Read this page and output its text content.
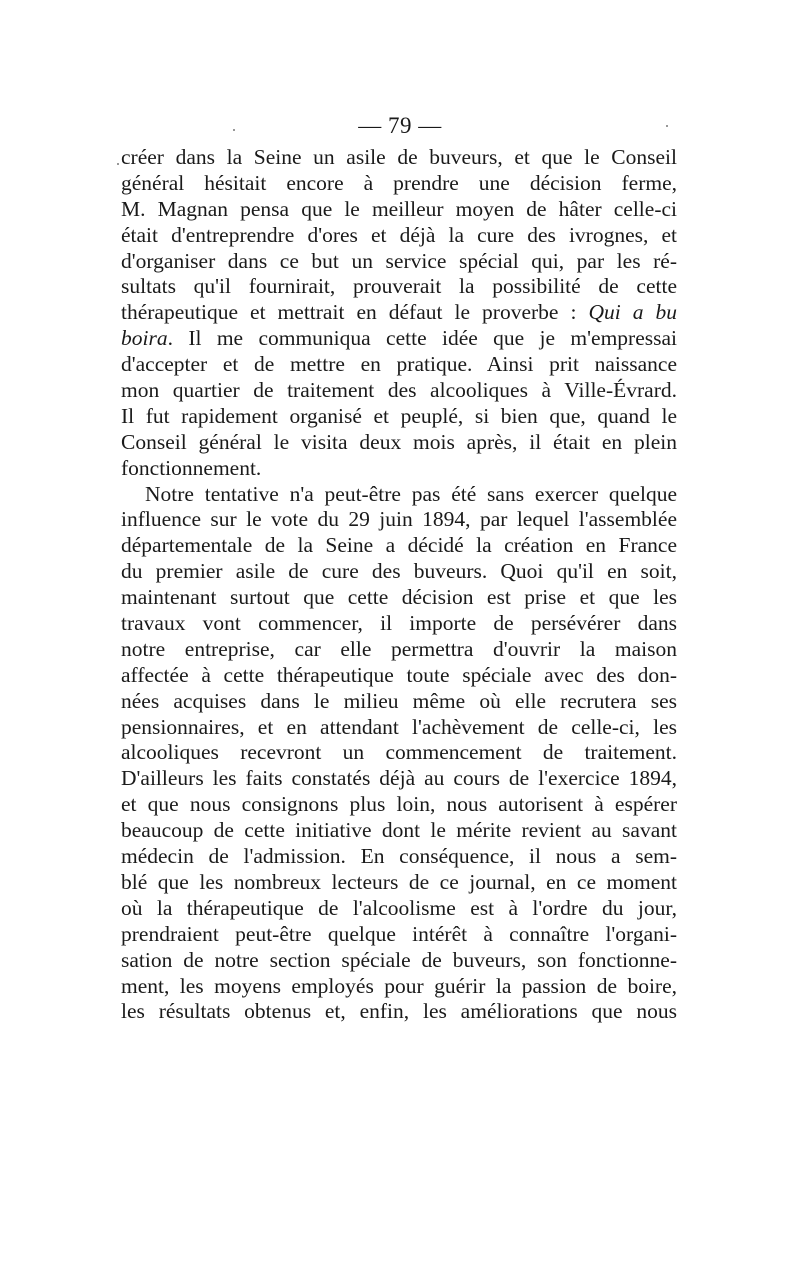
— 79 —
créer dans la Seine un asile de buveurs, et que le Conseil
général hésitait encore à prendre une décision ferme,
M. Magnan pensa que le meilleur moyen de hâter celle-ci
était d'entreprendre d'ores et déjà la cure des ivrognes, et
d'organiser dans ce but un service spécial qui, par les ré-
sultats qu'il fournirait, prouverait la possibilité de cette
thérapeutique et mettrait en défaut le proverbe : Qui a bu
boira. Il me communiqua cette idée que je m'empressai
d'accepter et de mettre en pratique. Ainsi prit naissance
mon quartier de traitement des alcooliques à Ville-Évrard.
Il fut rapidement organisé et peuplé, si bien que, quand le
Conseil général le visita deux mois après, il était en plein
fonctionnement.
Notre tentative n'a peut-être pas été sans exercer quelque
influence sur le vote du 29 juin 1894, par lequel l'assemblée
départementale de la Seine a décidé la création en France
du premier asile de cure des buveurs. Quoi qu'il en soit,
maintenant surtout que cette décision est prise et que les
travaux vont commencer, il importe de persévérer dans
notre entreprise, car elle permettra d'ouvrir la maison
affectée à cette thérapeutique toute spéciale avec des don-
nées acquises dans le milieu même où elle recrutera ses
pensionnaires, et en attendant l'achèvement de celle-ci, les
alcooliques recevront un commencement de traitement.
D'ailleurs les faits constatés déjà au cours de l'exercice 1894,
et que nous consignons plus loin, nous autorisent à espérer
beaucoup de cette initiative dont le mérite revient au savant
médecin de l'admission. En conséquence, il nous a sem-
blé que les nombreux lecteurs de ce journal, en ce moment
où la thérapeutique de l'alcoolisme est à l'ordre du jour,
prendraient peut-être quelque intérêt à connaître l'organi-
sation de notre section spéciale de buveurs, son fonctionne-
ment, les moyens employés pour guérir la passion de boire,
les résultats obtenus et, enfin, les améliorations que nous
